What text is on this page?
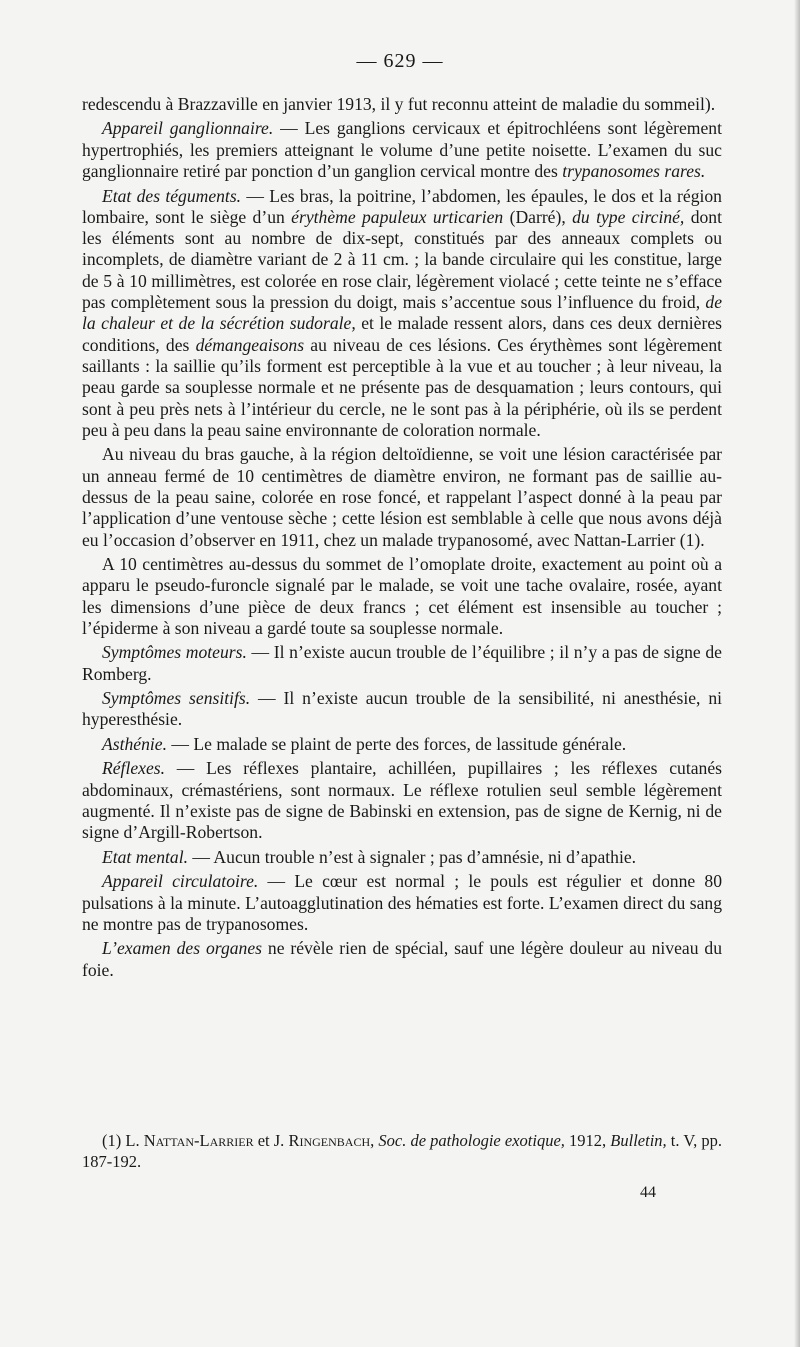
— 629 —

redescendu à Brazzaville en janvier 1913, il y fut reconnu atteint de maladie du sommeil).

Appareil ganglionnaire. — Les ganglions cervicaux et épitrochléens sont légèrement hypertrophiés, les premiers atteignant le volume d’une petite noisette. L’examen du suc ganglionnaire retiré par ponction d’un ganglion cervical montre des trypanosomes rares.

Etat des téguments. — Les bras, la poitrine, l’abdomen, les épaules, le dos et la région lombaire, sont le siège d’un érythème papuleux urticarien (Darré), du type circiné, dont les éléments sont au nombre de dix-sept, constitués par des anneaux complets ou incomplets, de diamètre variant de 2 à 11 cm. ; la bande circulaire qui les constitue, large de 5 à 10 millimètres, est colorée en rose clair, légèrement violacé ; cette teinte ne s’efface pas complètement sous la pression du doigt, mais s’accentue sous l’influence du froid, de la chaleur et de la sécrétion sudorale, et le malade ressent alors, dans ces deux dernières conditions, des démangeaisons au niveau de ces lésions. Ces érythèmes sont légèrement saillants : la saillie qu’ils forment est perceptible à la vue et au toucher ; à leur niveau, la peau garde sa souplesse normale et ne présente pas de desquamation ; leurs contours, qui sont à peu près nets à l’intérieur du cercle, ne le sont pas à la périphérie, où ils se perdent peu à peu dans la peau saine environnante de coloration normale.

Au niveau du bras gauche, à la région deltoïdienne, se voit une lésion caractérisée par un anneau fermé de 10 centimètres de diamètre environ, ne formant pas de saillie au-dessus de la peau saine, colorée en rose foncé, et rappelant l’aspect donné à la peau par l’application d’une ventouse sèche ; cette lésion est semblable à celle que nous avons déjà eu l’occasion d’observer en 1911, chez un malade trypanosomé, avec Nattan-Larrier (1).

A 10 centimètres au-dessus du sommet de l’omoplate droite, exactement au point où a apparu le pseudo-furoncle signalé par le malade, se voit une tache ovalaire, rosée, ayant les dimensions d’une pièce de deux francs ; cet élément est insensible au toucher ; l’épiderme à son niveau a gardé toute sa souplesse normale.

Symptômes moteurs. — Il n’existe aucun trouble de l’équilibre ; il n’y a pas de signe de Romberg.

Symptômes sensitifs. — Il n’existe aucun trouble de la sensibilité, ni anesthésie, ni hyperesthésie.

Asthénie. — Le malade se plaint de perte des forces, de lassitude générale.

Réflexes. — Les réflexes plantaire, achilléen, pupillaires ; les réflexes cutanés abdominaux, crémastériens, sont normaux. Le réflexe rotulien seul semble légèrement augmenté. Il n’existe pas de signe de Babinski en extension, pas de signe de Kernig, ni de signe d’Argill-Robertson.

Etat mental. — Aucun trouble n’est à signaler ; pas d’amnésie, ni d’apathie.

Appareil circulatoire. — Le cœur est normal ; le pouls est régulier et donne 80 pulsations à la minute. L’autoagglutination des hématies est forte. L’examen direct du sang ne montre pas de trypanosomes.

L’examen des organes ne révèle rien de spécial, sauf une légère douleur au niveau du foie.

(1) L. Nattan-Larrier et J. Ringenbach, Soc. de pathologie exotique, 1912, Bulletin, t. V, pp. 187-192.

44
